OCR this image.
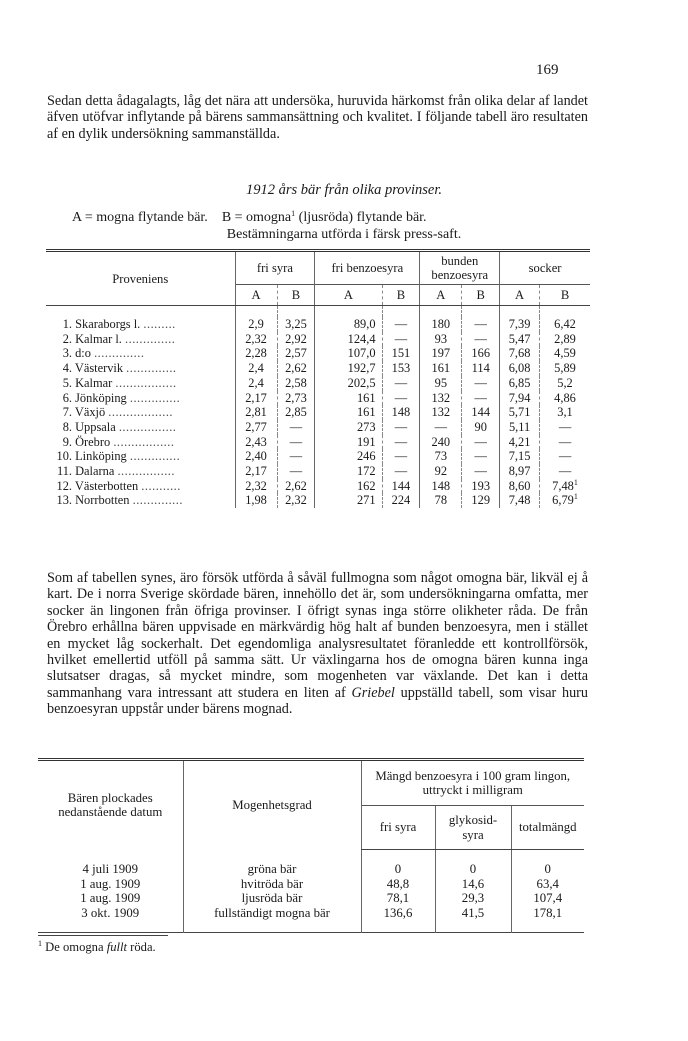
169

Sedan detta ådagalagts, låg det nära att undersöka, huruvida härkomst från olika delar af landet äfven utöfvar inflytande på bärens sammansättning och kvalitet. I följande tabell äro resultaten af en dylik undersökning sammanställda.

1912 års bär från olika provinser.
A = mogna flytande bär. B = omogna$^1$ (ljusröda) flytande bär.
Bestämningarna utförda i färsk press-saft.
Proveniens	fri syra		fri benzoesyra		bunden
benzoesyra		socker	
	A	B	A	B	A	B	A	B

1. Skaraborgs l. .........	2,9	3,25	89,0	—	180	—	7,39	6,42
2. Kalmar l. ..............	2,32	2,92	124,4	—	93	—	5,47	2,89
3. d:o ..............	2,28	2,57	107,0	151	197	166	7,68	4,59
4. Västervik ..............	2,4	2,62	192,7	153	161	114	6,08	5,89
5. Kalmar .................	2,4	2,58	202,5	—	95	—	6,85	5,2
6. Jönköping ..............	2,17	2,73	161	—	132	—	7,94	4,86
7. Växjö ..................	2,81	2,85	161	148	132	144	5,71	3,1
8. Uppsala ................	2,77	—	273	—	—	90	5,11	—
9. Örebro .................	2,43	—	191	—	240	—	4,21	—
10. Linköping ..............	2,40	—	246	—	73	—	7,15	—
11. Dalarna ................	2,17	—	172	—	92	—	8,97	—
12. Västerbotten ...........	2,32	2,62	162	144	148	193	8,60	7,48$^1$
13. Norrbotten ..............	1,98	2,32	271	224	78	129	7,48	6,79$^1$

Som af tabellen synes, äro försök utförda å såväl fullmogna som något omogna bär, likväl ej å kart. De i norra Sverige skördade bären, innehöllo det är, som undersökningarna omfatta, mer socker än lingonen från öfriga provinser. I öfrigt synas inga större olikheter råda. De från Örebro erhållna bären uppvisade en märkvärdig hög halt af bunden benzoesyra, men i stället en mycket låg sockerhalt. Det egendomliga analysresultatet föranledde ett kontrollförsök, hvilket emellertid utföll på samma sätt. Ur växlingarna hos de omogna bären kunna inga slutsatser dragas, så mycket mindre, som mogenheten var växlande. Det kan i detta sammanhang vara intressant att studera en liten af Griebel uppställd tabell, som visar huru benzoesyran uppstår under bärens mognad.

Bären plockades nedanstående datum	Mogenhetsgrad	Mängd benzoesyra i 100 gram lingon, uttryckt i milligram		
		fri syra	glykosid-syra	totalmängd

4 juli 1909	gröna bär	0	0	0
1 aug. 1909	hvitröda bär	48,8	14,6	63,4
1 aug. 1909	ljusröda bär	78,1	29,3	107,4
3 okt. 1909	fullständigt mogna bär	136,6	41,5	178,1

$^1$ De omogna fullt röda.
